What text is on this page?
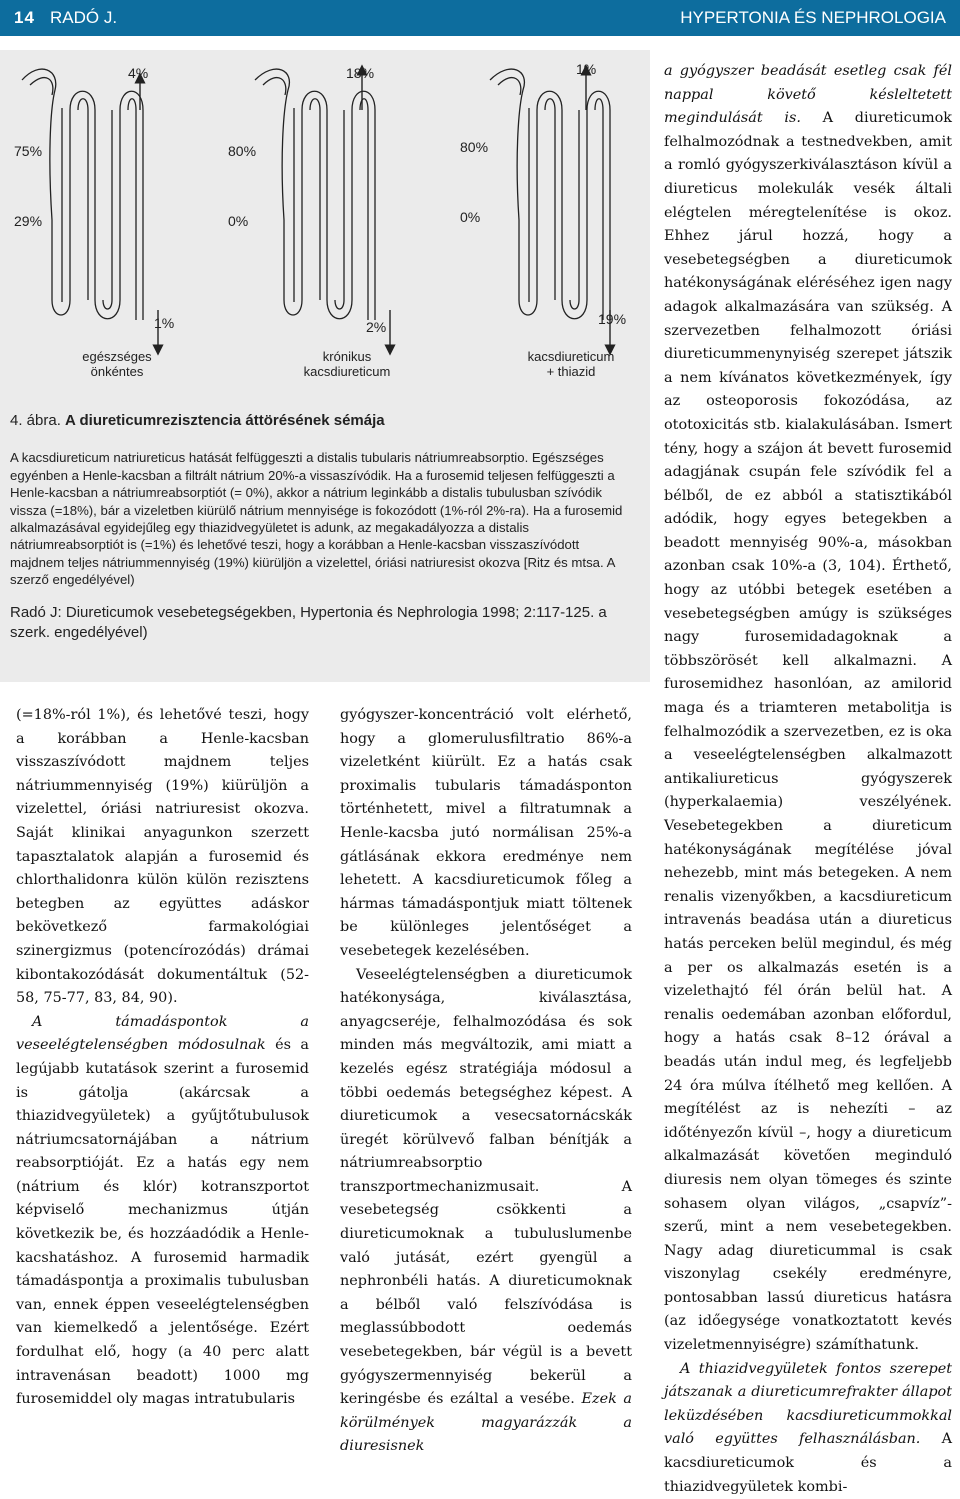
14 RADÓ J.	HYPERTONIA ÉS NEPHROLOGIA
4%
75%
29%
80%
0%
1%
egészséges
önkéntes
18%
80%
0%
2%
krónikus
kacsdiureticum
1%
19%
kacsdiureticum
+ thiazid
4. ábra. A diureticumrezisztencia áttörésének sémája
A kacsdiureticum natriureticus hatását felfüggeszti a distalis tubularis nátriumreabsorptio. Egészséges egyénben a Henle-kacsban a filtrált nátrium 20%-a vissaszívódik. Ha a furosemid teljesen felfüggeszti a Henle-kacsban a nátriumreabsorptiót (= 0%), akkor a nátrium leginkább a distalis tubulusban szívódik vissza (=18%), bár a vizeletben kiürülő nátrium mennyisége is fokozódott (1%-ról 2%-ra). Ha a furosemid alkalmazásával egyidejűleg egy thiazidvegyületet is adunk, az megakadályozza a distalis nátriumreabsorptiót is (=1%) és lehetővé teszi, hogy a korábban a Henle-kacsban visszaszívódott majdnem teljes nátriummennyiség (19%) kiürüljön a vizelettel, óriási natriuresist okozva [Ritz és mtsa. A szerző engedélyével)
Radó J: Diureticumok vesebetegségekben, Hypertonia és Nephrologia 1998; 2:117-125. a szerk. engedélyével)

(=18%-ról 1%), és lehetővé teszi, hogy a korábban a Henle-kacsban visszaszívódott majdnem teljes nátriummennyiség (19%) kiürüljön a vizelettel, óriási natriuresist okozva. Saját klinikai anyagunkon szerzett tapasztalatok alapján a furosemid és chlorthalidonra külön külön rezisztens betegben az együttes adáskor bekövetkező farmakológiai szinergizmus (potencírozódás) drámai kibontakozódását dokumentáltuk (52-58, 75-77, 83, 84, 90).

A támadáspontok a veseelégtelenségben módosulnak és a legújabb kutatások szerint a furosemid is gátolja (akárcsak a thiazidvegyületek) a gyűjtőtubulusok nátriumcsatornájában a nátrium reabsorptióját. Ez a hatás egy nem (nátrium és klór) kotranszportot képviselő mechanizmus útján következik be, és hozzáadódik a Henle-kacshatáshoz. A furosemid harmadik támadáspontja a proximalis tubulusban van, ennek éppen veseelégtelenségben van kiemelkedő a jelentősége. Ezért fordulhat elő, hogy (a 40 perc alatt intravenásan beadott) 1000 mg furosemiddel oly magas intratubularis

gyógyszer-koncentráció volt elérhető, hogy a glomerulusfiltratio 86%-a vizeletként kiürült. Ez a hatás csak proximalis tubularis támadásponton történhetett, mivel a filtratumnak a Henle-kacsba jutó normálisan 25%-a gátlásának ekkora eredménye nem lehetett. A kacsdiureticumok főleg a hármas támadáspontjuk miatt töltenek be különleges jelentőséget a vesebetegek kezelésében.

Veseelégtelenségben a diureticumok hatékonysága, kiválasztása, anyagcseréje, felhalmozódása és sok minden más megváltozik, ami miatt a kezelés egész stratégiája módosul a többi oedemás betegséghez képest. A diureticumok a vesecsatornácskák üregét körülvevő falban bénítják a nátriumreabsorptio transzportmechanizmusait. A vesebetegség csökkenti a diureticumoknak a tubuluslumenbe való jutását, ezért gyengül a nephronbéli hatás. A diureticumoknak a bélből való felszívódása is meglassúbbodott oedemás vesebetegekben, bár végül is a bevett gyógyszermennyiség bekerül a keringésbe és ezáltal a vesébe. Ezek a körülmények magyarázzák a diuresisnek

a gyógyszer beadását esetleg csak fél nappal követő késleltetett megindulását is. A diureticumok felhalmozódnak a testnedvekben, amit a romló gyógyszerkiválasztáson kívül a diureticus molekulák vesék általi elégtelen méregtelenítése is okoz. Ehhez járul hozzá, hogy a vesebetegségben a diureticumok hatékonyságának eléréséhez igen nagy adagok alkalmazására van szükség. A szervezetben felhalmozott óriási diureticummenynyiség szerepet játszik a nem kívánatos következmények, így az osteoporosis fokozódása, az ototoxicitás stb. kialakulásában. Ismert tény, hogy a szájon át bevett furosemid adagjának csupán fele szívódik fel a bélből, de ez abból a statisztikából adódik, hogy egyes betegekben a beadott mennyiség 90%-a, másokban azonban csak 10%-a (3, 104). Érthető, hogy az utóbbi betegek esetében a vesebetegségben amúgy is szükséges nagy furosemidadagoknak a többszörösét kell alkalmazni. A furosemidhez hasonlóan, az amilorid maga és a triamteren metabolitja is felhalmozódik a szervezetben, ez is oka a veseelégtelenségben alkalmazott antikaliureticus gyógyszerek (hyperkalaemia) veszélyének. Vesebetegekben a diureticum hatékonyságának megítélése jóval nehezebb, mint más betegeken. A nem renalis vizenyőkben, a kacsdiureticum intravenás beadása után a diureticus hatás perceken belül megindul, és még a per os alkalmazás esetén is a vizelethajtó fél órán belül hat. A renalis oedemában azonban előfordul, hogy a hatás csak 8–12 órával a beadás után indul meg, és legfeljebb 24 óra múlva ítélhető meg kellően. A megítélést az is nehezíti – az időtényezőn kívül –, hogy a diureticum alkalmazását követően meginduló diuresis nem olyan tömeges és szinte sohasem olyan világos, „csapvíz”-szerű, mint a nem vesebetegekben. Nagy adag diureticummal is csak viszonylag csekély eredményre, pontosabban lassú diureticus hatásra (az időegysége vonatkoztatott kevés vizeletmennyiségre) számíthatunk.

A thiazidvegyületek fontos szerepet játszanak a diureticumrefrakter állapot leküzdésében kacsdiureticummokkal való együttes felhasználásban. A kacsdiureticumok és a thiazidvegyületek kombi-
